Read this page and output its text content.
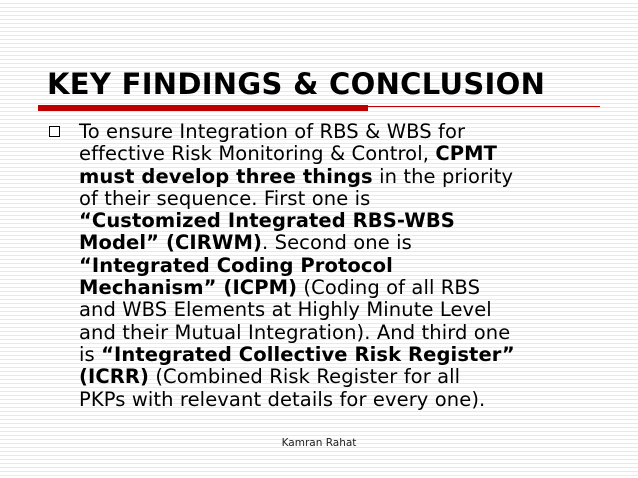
KEY FINDINGS & CONCLUSION
To ensure Integration of RBS & WBS for
effective Risk Monitoring & Control, CPMT
must develop three things in the priority
of their sequence. First one is
“Customized Integrated RBS-WBS
Model” (CIRWM). Second one is
“Integrated Coding Protocol
Mechanism” (ICPM) (Coding of all RBS
and WBS Elements at Highly Minute Level
and their Mutual Integration). And third one
is “Integrated Collective Risk Register”
(ICRR) (Combined Risk Register for all
PKPs with relevant details for every one).
Kamran Rahat
